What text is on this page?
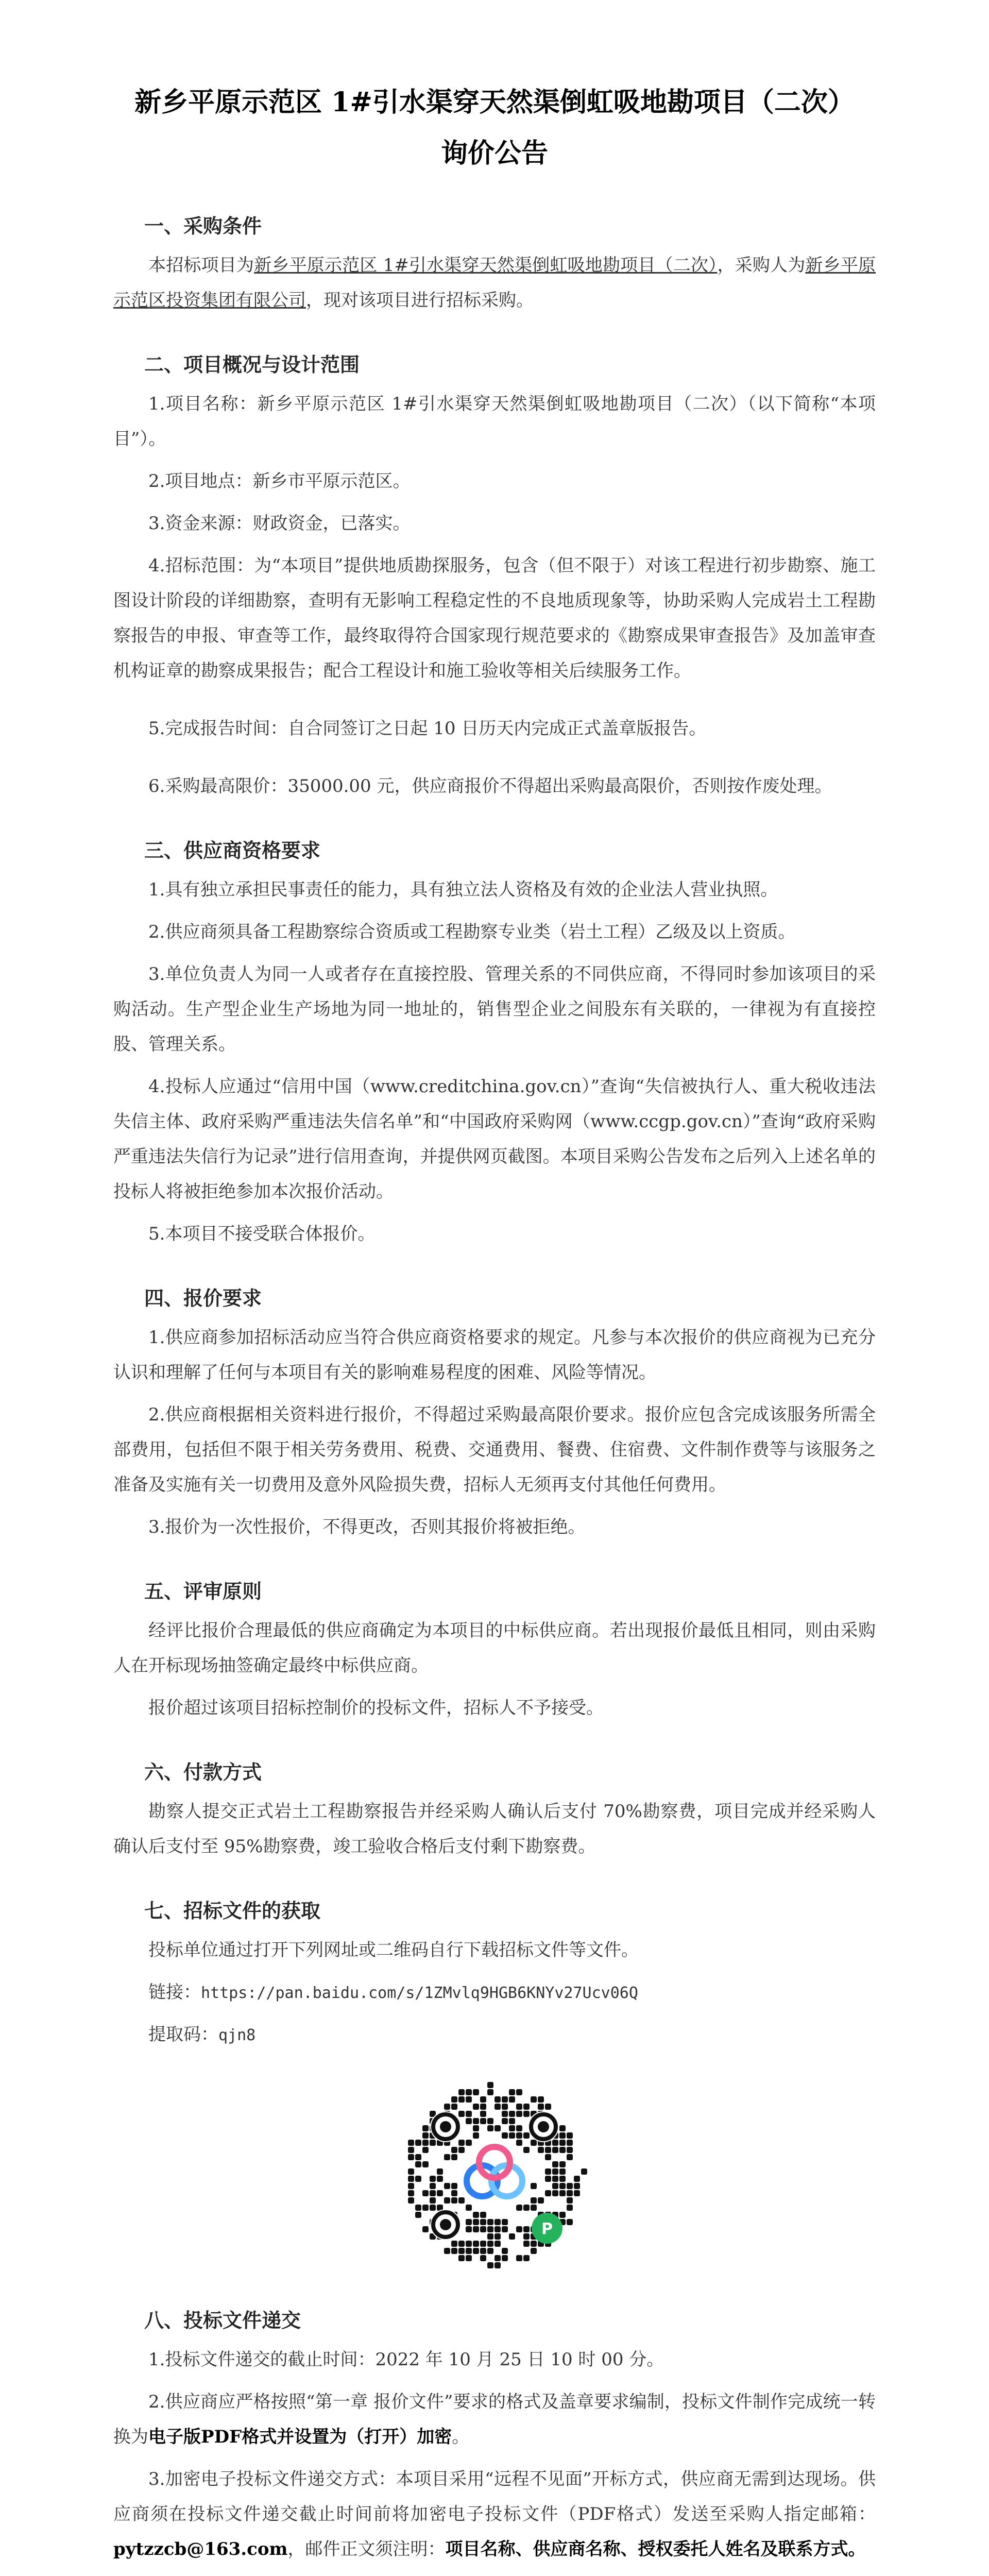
新乡平原示范区 1#引水渠穿天然渠倒虹吸地勘项目（二次）
询价公告
一、采购条件

本招标项目为新乡平原示范区 1#引水渠穿天然渠倒虹吸地勘项目（二次），采购人为新乡平原示范区投资集团有限公司，现对该项目进行招标采购。

二、项目概况与设计范围

1.项目名称：新乡平原示范区 1#引水渠穿天然渠倒虹吸地勘项目（二次）（以下简称“本项目”）。

2.项目地点：新乡市平原示范区。

3.资金来源：财政资金，已落实。

4.招标范围：为“本项目”提供地质勘探服务，包含（但不限于）对该工程进行初步勘察、施工图设计阶段的详细勘察，查明有无影响工程稳定性的不良地质现象等，协助采购人完成岩土工程勘察报告的申报、审查等工作，最终取得符合国家现行规范要求的《勘察成果审查报告》及加盖审查机构证章的勘察成果报告；配合工程设计和施工验收等相关后续服务工作。

5.完成报告时间：自合同签订之日起 10 日历天内完成正式盖章版报告。

6.采购最高限价：35000.00 元，供应商报价不得超出采购最高限价，否则按作废处理。

三、供应商资格要求

1.具有独立承担民事责任的能力，具有独立法人资格及有效的企业法人营业执照。

2.供应商须具备工程勘察综合资质或工程勘察专业类（岩土工程）乙级及以上资质。

3.单位负责人为同一人或者存在直接控股、管理关系的不同供应商，不得同时参加该项目的采购活动。生产型企业生产场地为同一地址的，销售型企业之间股东有关联的，一律视为有直接控股、管理关系。

4.投标人应通过“信用中国（www.creditchina.gov.cn）”查询“失信被执行人、重大税收违法失信主体、政府采购严重违法失信名单”和“中国政府采购网（www.ccgp.gov.cn）”查询“政府采购严重违法失信行为记录”进行信用查询，并提供网页截图。本项目采购公告发布之后列入上述名单的投标人将被拒绝参加本次报价活动。

5.本项目不接受联合体报价。

四、报价要求

1.供应商参加招标活动应当符合供应商资格要求的规定。凡参与本次报价的供应商视为已充分认识和理解了任何与本项目有关的影响难易程度的困难、风险等情况。

2.供应商根据相关资料进行报价，不得超过采购最高限价要求。报价应包含完成该服务所需全部费用，包括但不限于相关劳务费用、税费、交通费用、餐费、住宿费、文件制作费等与该服务之准备及实施有关一切费用及意外风险损失费，招标人无须再支付其他任何费用。

3.报价为一次性报价，不得更改，否则其报价将被拒绝。

五、评审原则

经评比报价合理最低的供应商确定为本项目的中标供应商。若出现报价最低且相同，则由采购人在开标现场抽签确定最终中标供应商。

报价超过该项目招标控制价的投标文件，招标人不予接受。

六、付款方式

勘察人提交正式岩土工程勘察报告并经采购人确认后支付 70%勘察费，项目完成并经采购人确认后支付至 95%勘察费，竣工验收合格后支付剩下勘察费。

七、招标文件的获取

投标单位通过打开下列网址或二维码自行下载招标文件等文件。

链接：https://pan.baidu.com/s/1ZMvlq9HGB6KNYv27Ucv06Q

提取码：qjn8

P
八、投标文件递交

1.投标文件递交的截止时间：2022 年 10 月 25 日 10 时 00 分。

2.供应商应严格按照“第一章 报价文件”要求的格式及盖章要求编制，投标文件制作完成统一转换为电子版PDF格式并设置为（打开）加密。

3.加密电子投标文件递交方式：本项目采用“远程不见面”开标方式，供应商无需到达现场。供应商须在投标文件递交截止时间前将加密电子投标文件（PDF格式）发送至采购人指定邮箱：pytzzcb@163.com，邮件正文须注明：项目名称、供应商名称、授权委托人姓名及联系方式。
